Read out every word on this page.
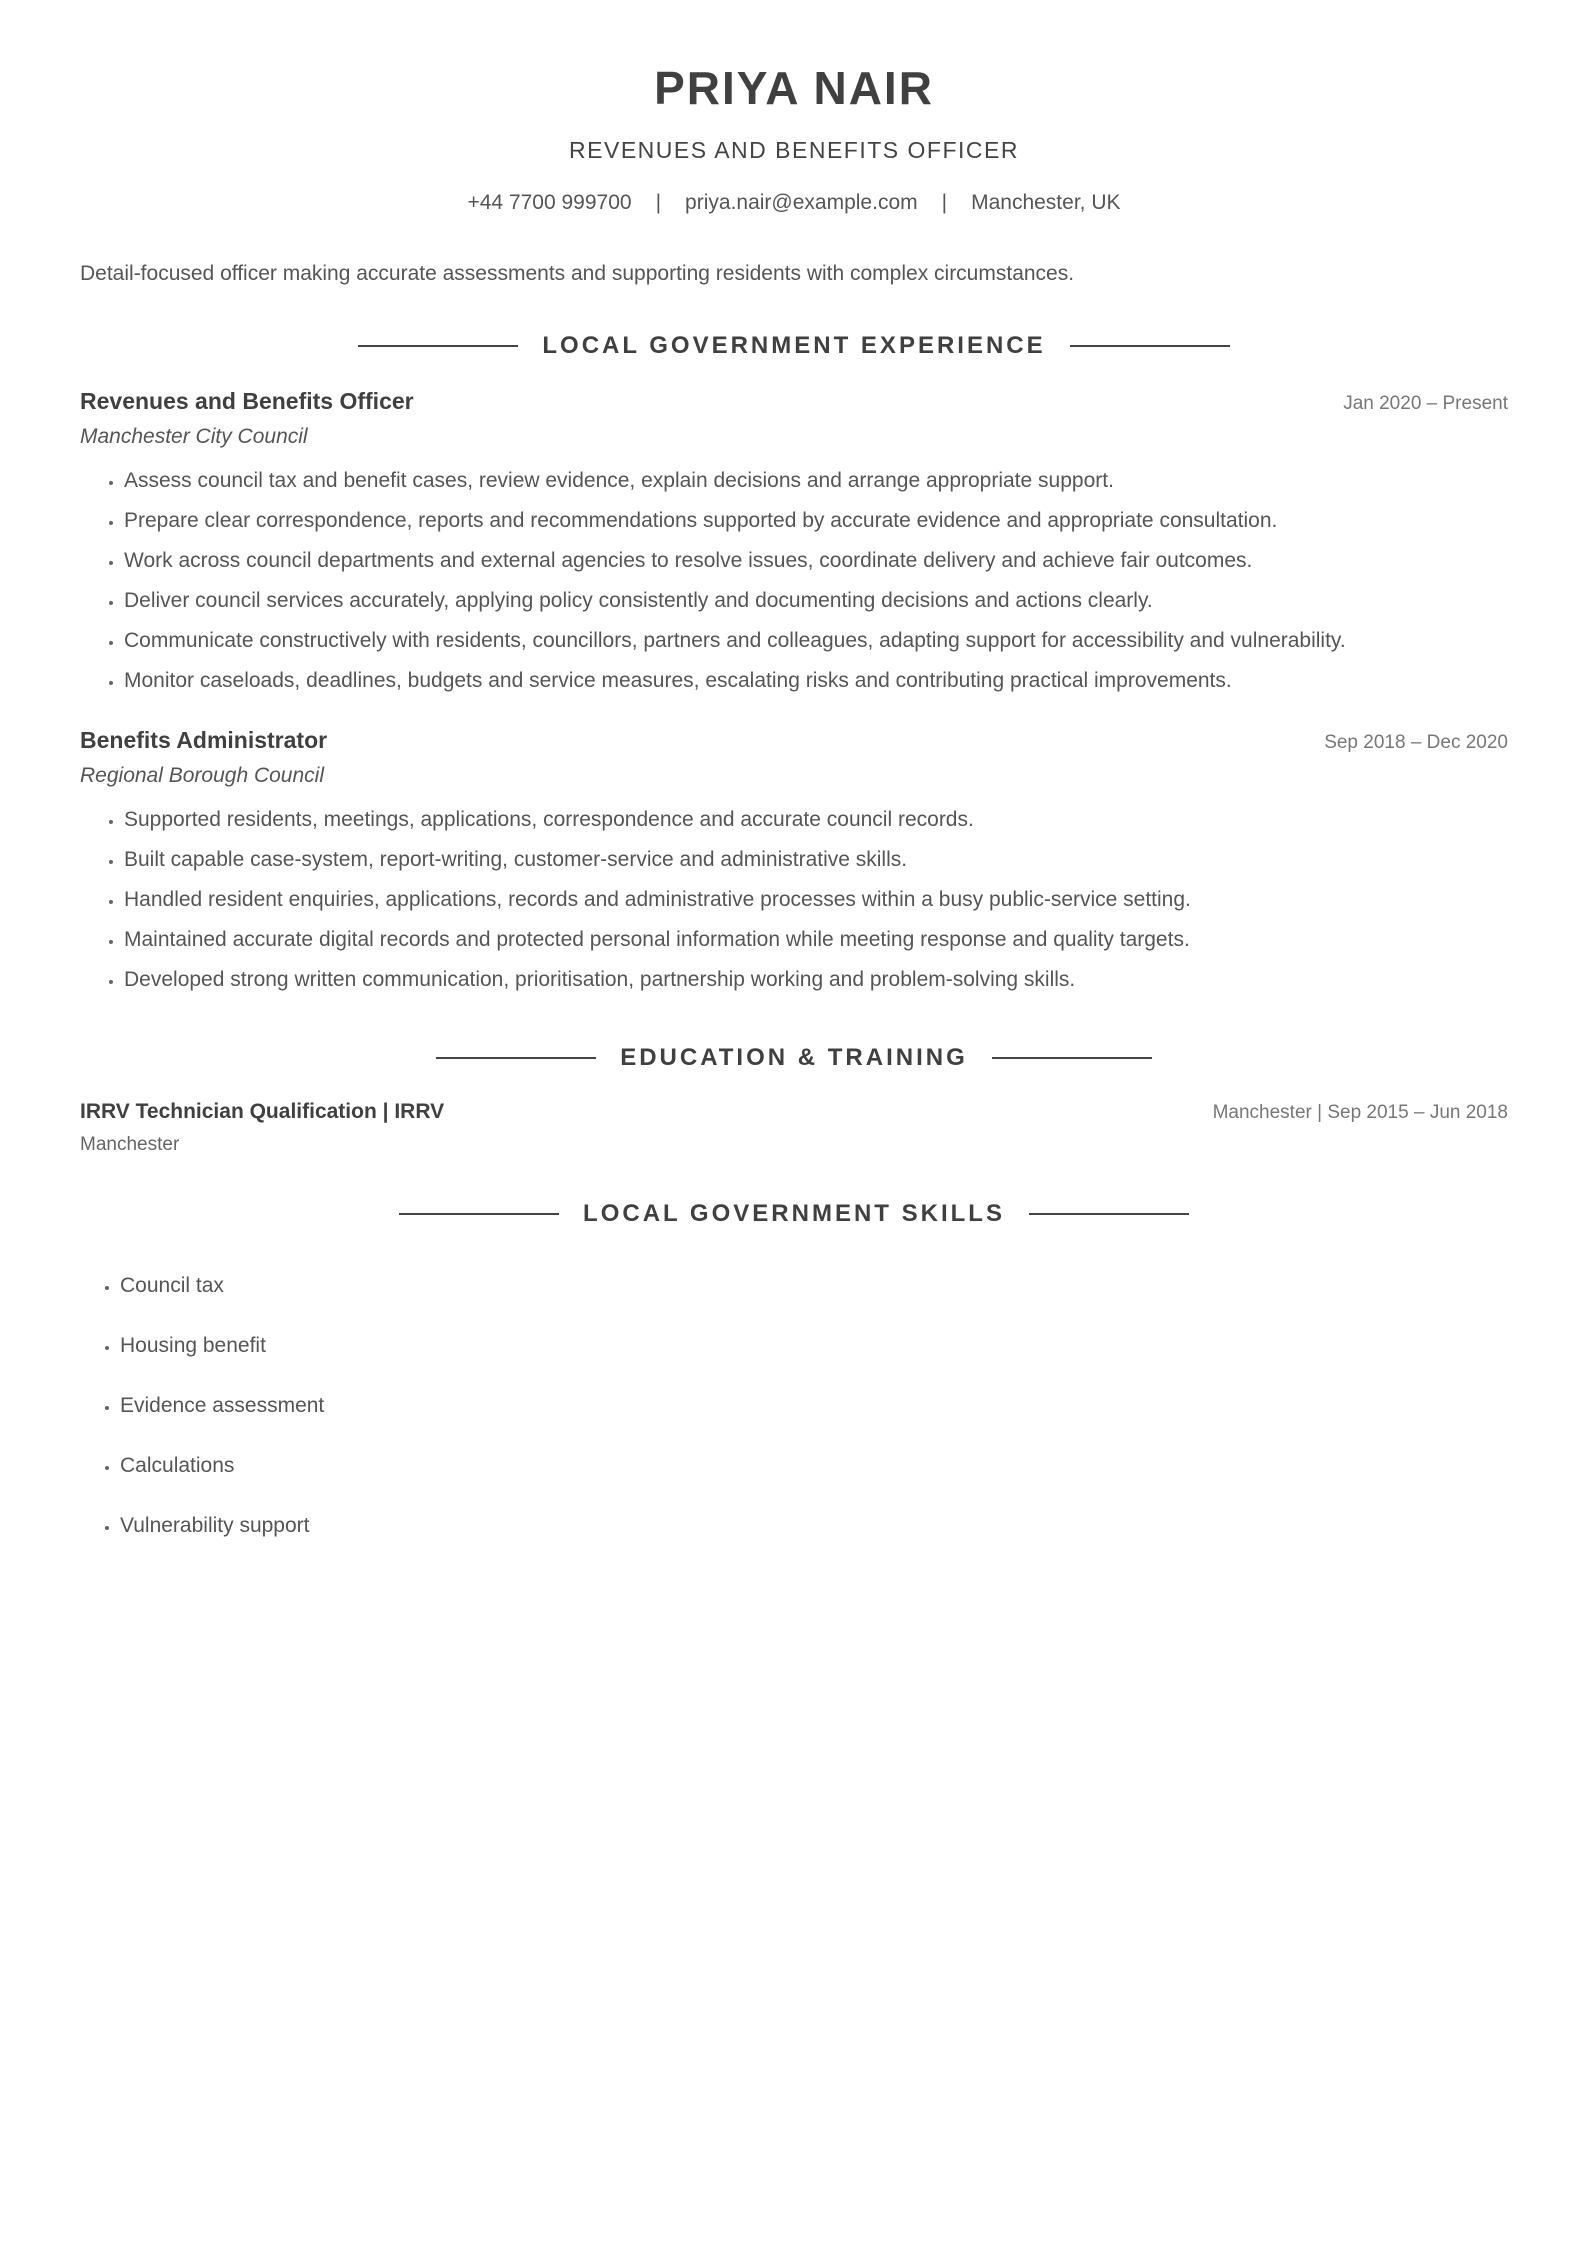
PRIYA NAIR
REVENUES AND BENEFITS OFFICER
+44 7700 999700 | priya.nair@example.com | Manchester, UK
Detail-focused officer making accurate assessments and supporting residents with complex circumstances.
LOCAL GOVERNMENT EXPERIENCE
Revenues and Benefits Officer	Jan 2020 – Present
Manchester City Council
• Assess council tax and benefit cases, review evidence, explain decisions and arrange appropriate support.
• Prepare clear correspondence, reports and recommendations supported by accurate evidence and appropriate consultation.
• Work across council departments and external agencies to resolve issues, coordinate delivery and achieve fair outcomes.
• Deliver council services accurately, applying policy consistently and documenting decisions and actions clearly.
• Communicate constructively with residents, councillors, partners and colleagues, adapting support for accessibility and vulnerability.
• Monitor caseloads, deadlines, budgets and service measures, escalating risks and contributing practical improvements.
Benefits Administrator	Sep 2018 – Dec 2020
Regional Borough Council
• Supported residents, meetings, applications, correspondence and accurate council records.
• Built capable case-system, report-writing, customer-service and administrative skills.
• Handled resident enquiries, applications, records and administrative processes within a busy public-service setting.
• Maintained accurate digital records and protected personal information while meeting response and quality targets.
• Developed strong written communication, prioritisation, partnership working and problem-solving skills.
EDUCATION & TRAINING
IRRV Technician Qualification | IRRV	Manchester | Sep 2015 – Jun 2018
Manchester
LOCAL GOVERNMENT SKILLS
• Council tax
• Housing benefit
• Evidence assessment
• Calculations
• Vulnerability support
